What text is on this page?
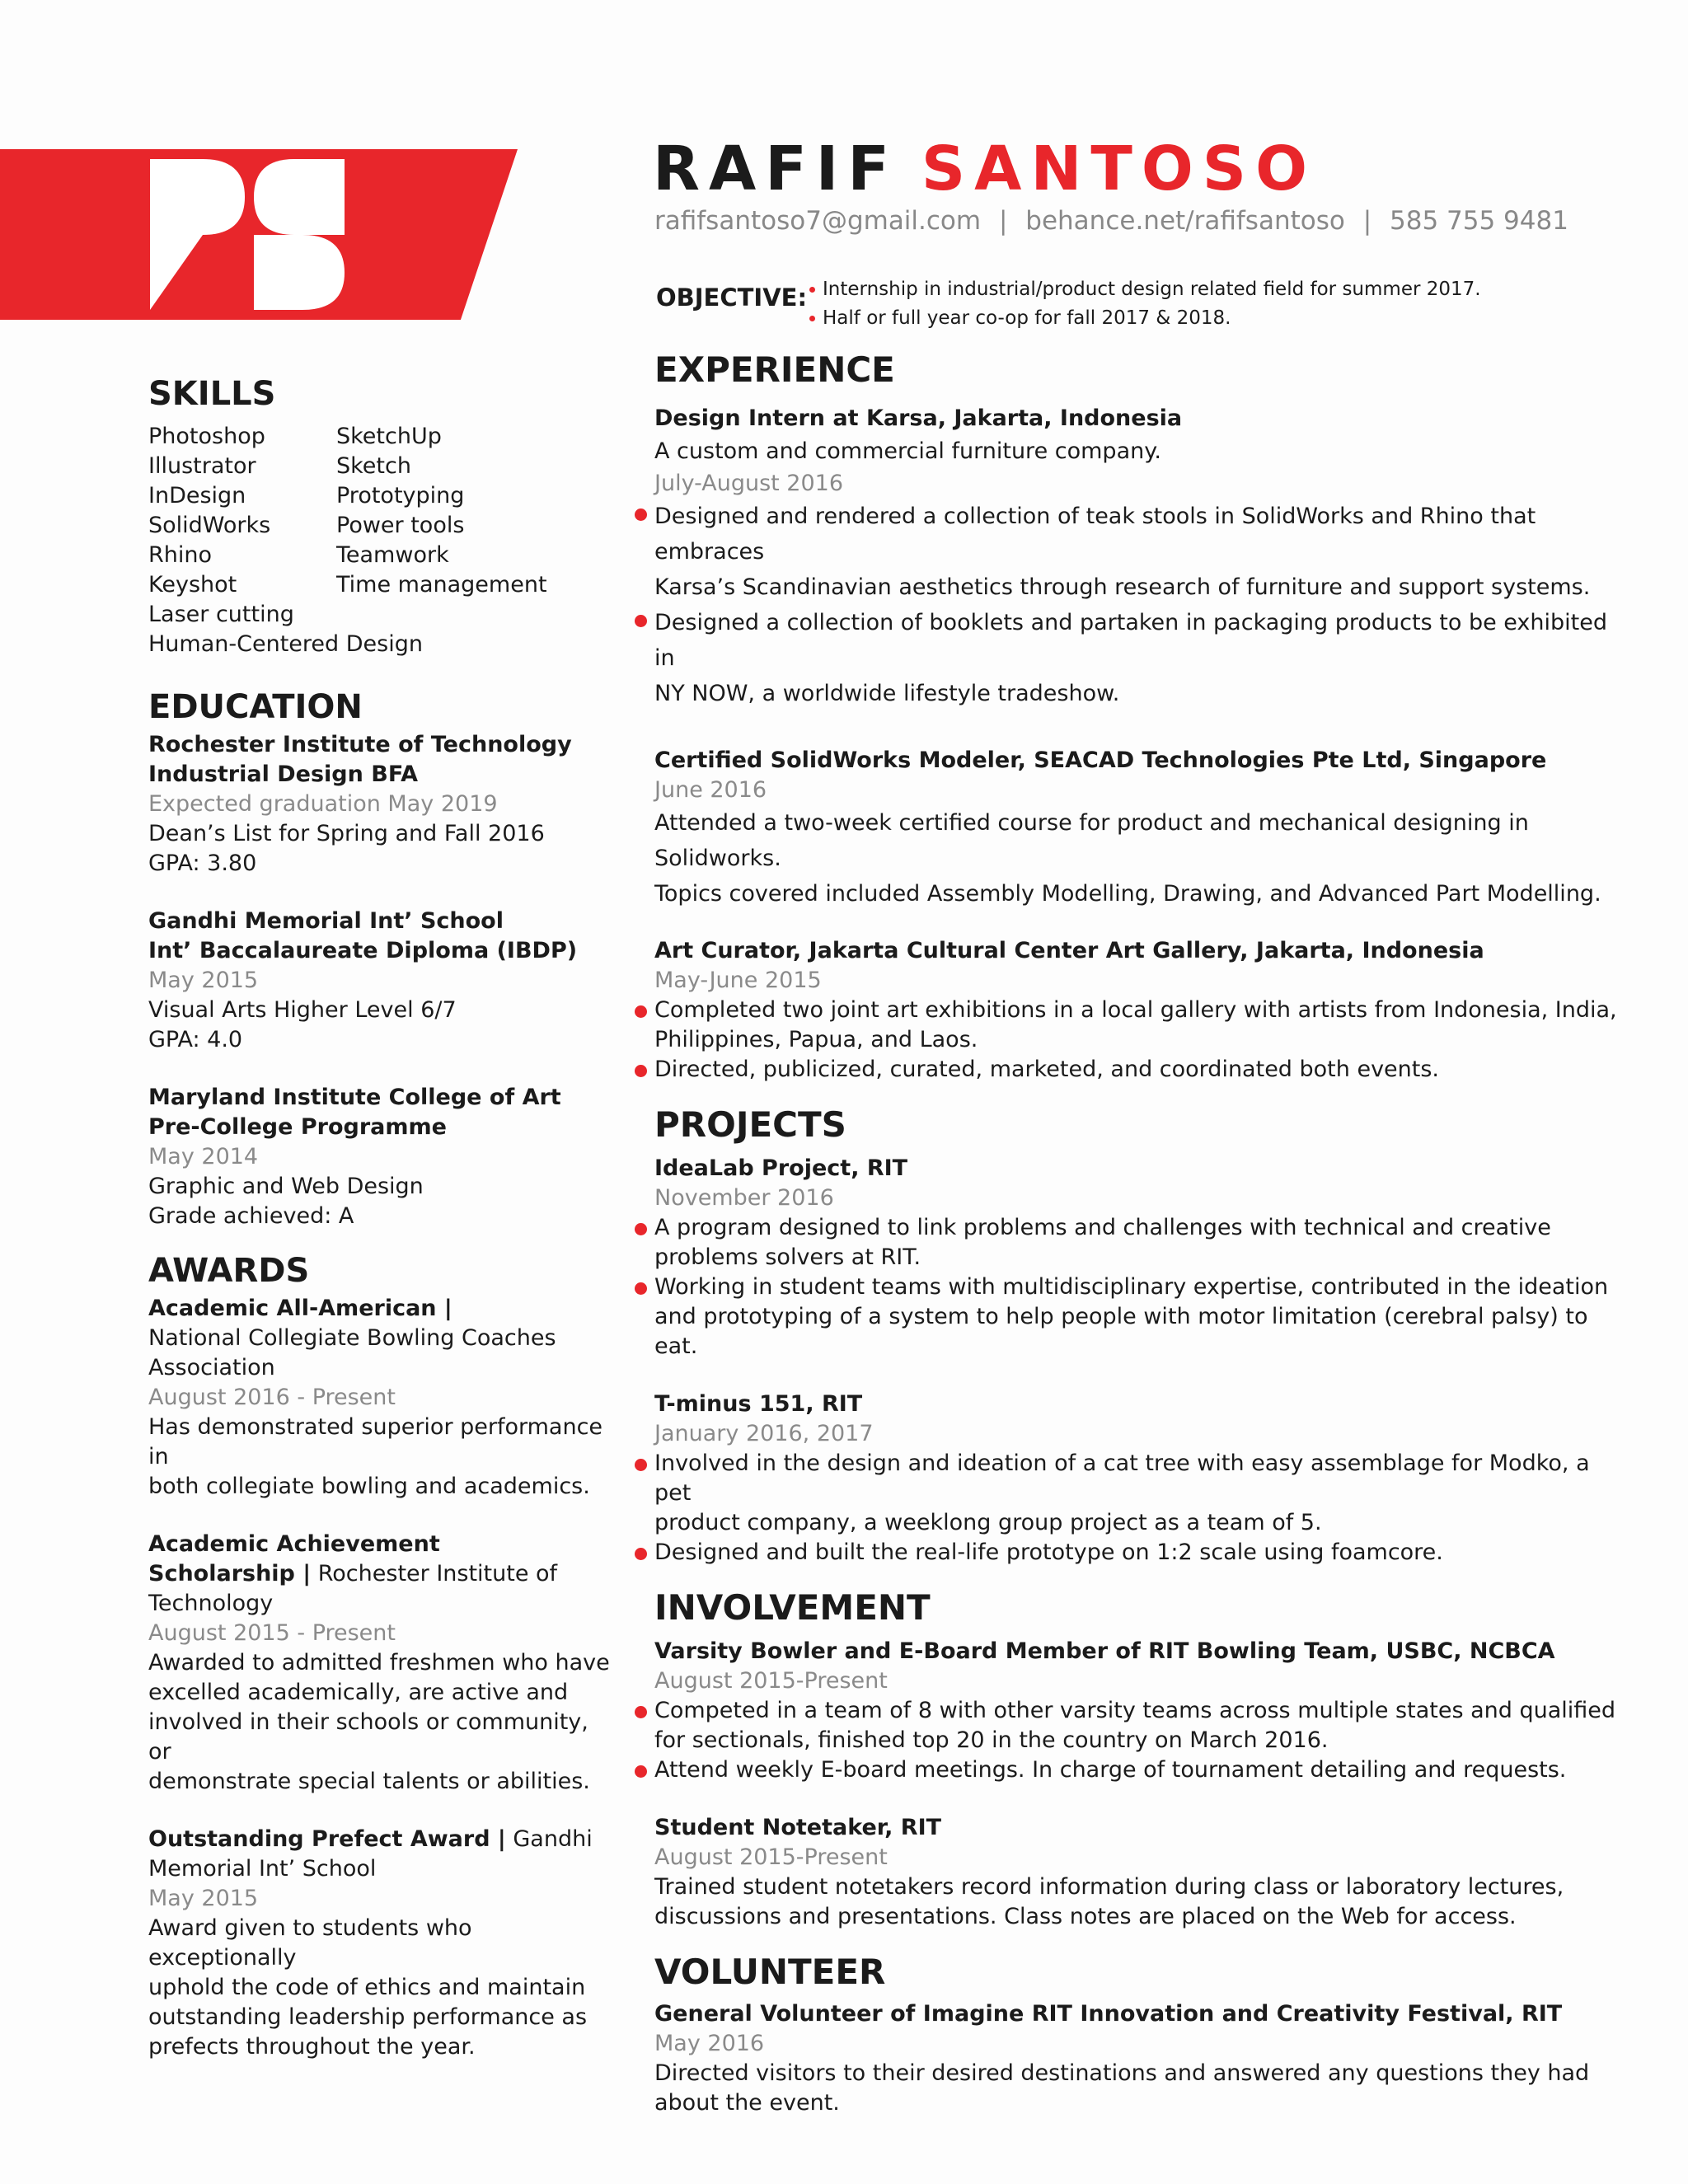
RAFIF SANTOSO
rafifsantoso7@gmail.com | behance.net/rafifsantoso | 585 755 9481
OBJECTIVE: Internship in industrial/product design related field for summer 2017.
Half or full year co-op for fall 2017 & 2018.
SKILLS
Photoshop	SketchUp
Illustrator	Sketch
InDesign	Prototyping
SolidWorks	Power tools
Rhino	Teamwork
Keyshot	Time management
Laser cutting
Human-Centered Design
EDUCATION
Rochester Institute of Technology
Industrial Design BFA
Expected graduation May 2019
Dean’s List for Spring and Fall 2016
GPA: 3.80
Gandhi Memorial Int’ School
Int’ Baccalaureate Diploma (IBDP)
May 2015
Visual Arts Higher Level 6/7
GPA: 4.0
Maryland Institute College of Art
Pre-College Programme
May 2014
Graphic and Web Design
Grade achieved: A
AWARDS
Academic All-American |
National Collegiate Bowling Coaches
Association
August 2016 - Present
Has demonstrated superior performance in
both collegiate bowling and academics.
Academic Achievement
Scholarship | Rochester Institute of
Technology
August 2015 - Present
Awarded to admitted freshmen who have
excelled academically, are active and
involved in their schools or community, or
demonstrate special talents or abilities.
Outstanding Prefect Award | Gandhi
Memorial Int’ School
May 2015
Award given to students who exceptionally
uphold the code of ethics and maintain
outstanding leadership performance as
prefects throughout the year.
EXPERIENCE
Design Intern at Karsa, Jakarta, Indonesia
A custom and commercial furniture company.
July-August 2016
Designed and rendered a collection of teak stools in SolidWorks and Rhino that embraces
Karsa’s Scandinavian aesthetics through research of furniture and support systems.
Designed a collection of booklets and partaken in packaging products to be exhibited in
NY NOW, a worldwide lifestyle tradeshow.
Certified SolidWorks Modeler, SEACAD Technologies Pte Ltd, Singapore
June 2016
Attended a two-week certified course for product and mechanical designing in Solidworks.
Topics covered included Assembly Modelling, Drawing, and Advanced Part Modelling.
Art Curator, Jakarta Cultural Center Art Gallery, Jakarta, Indonesia
May-June 2015
Completed two joint art exhibitions in a local gallery with artists from Indonesia, India,
Philippines, Papua, and Laos.
Directed, publicized, curated, marketed, and coordinated both events.
PROJECTS
IdeaLab Project, RIT
November 2016
A program designed to link problems and challenges with technical and creative
problems solvers at RIT.
Working in student teams with multidisciplinary expertise, contributed in the ideation
and prototyping of a system to help people with motor limitation (cerebral palsy) to eat.
T-minus 151, RIT
January 2016, 2017
Involved in the design and ideation of a cat tree with easy assemblage for Modko, a pet
product company, a weeklong group project as a team of 5.
Designed and built the real-life prototype on 1:2 scale using foamcore.
INVOLVEMENT
Varsity Bowler and E-Board Member of RIT Bowling Team, USBC, NCBCA
August 2015-Present
Competed in a team of 8 with other varsity teams across multiple states and qualified
for sectionals, finished top 20 in the country on March 2016.
Attend weekly E-board meetings. In charge of tournament detailing and requests.
Student Notetaker, RIT
August 2015-Present
Trained student notetakers record information during class or laboratory lectures,
discussions and presentations. Class notes are placed on the Web for access.
VOLUNTEER
General Volunteer of Imagine RIT Innovation and Creativity Festival, RIT
May 2016
Directed visitors to their desired destinations and answered any questions they had
about the event.
